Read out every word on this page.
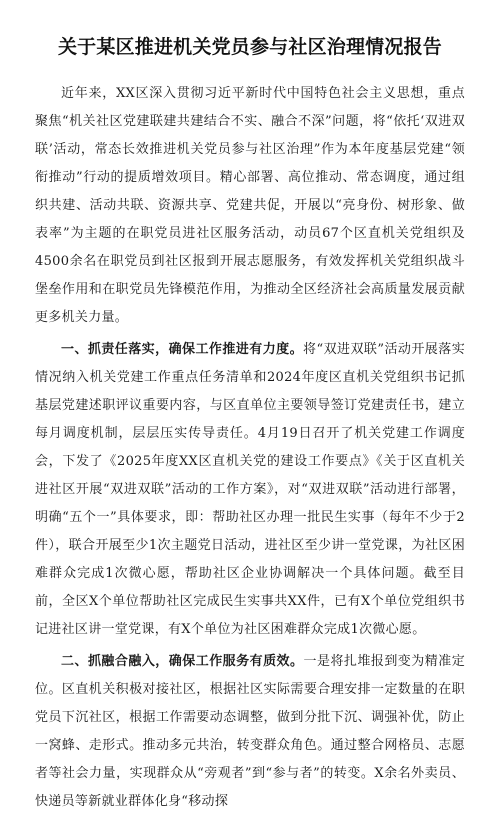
关于某区推进机关党员参与社区治理情况报告

近年来，XX区深入贯彻习近平新时代中国特色社会主义思想，重点聚焦“机关社区党建联建共建结合不实、融合不深”问题，将“依托‘双进双联’活动，常态长效推进机关党员参与社区治理”作为本年度基层党建“领衔推动”行动的提质增效项目。精心部署、高位推动、常态调度，通过组织共建、活动共联、资源共享、党建共促，开展以“亮身份、树形象、做表率”为主题的在职党员进社区服务活动，动员67个区直机关党组织及4500余名在职党员到社区报到开展志愿服务，有效发挥机关党组织战斗堡垒作用和在职党员先锋模范作用，为推动全区经济社会高质量发展贡献更多机关力量。

一、抓责任落实，确保工作推进有力度。将“双进双联”活动开展落实情况纳入机关党建工作重点任务清单和2024年度区直机关党组织书记抓基层党建述职评议重要内容，与区直单位主要领导签订党建责任书，建立每月调度机制，层层压实传导责任。4月19日召开了机关党建工作调度会，下发了《2025年度XX区直机关党的建设工作要点》《关于区直机关进社区开展“双进双联”活动的工作方案》，对“双进双联”活动进行部署，明确“五个一”具体要求，即：帮助社区办理一批民生实事（每年不少于2件），联合开展至少1次主题党日活动，进社区至少讲一堂党课，为社区困难群众完成1次微心愿，帮助社区企业协调解决一个具体问题。截至目前，全区X个单位帮助社区完成民生实事共XX件，已有X个单位党组织书记进社区讲一堂党课，有X个单位为社区困难群众完成1次微心愿。

二、抓融合融入，确保工作服务有质效。一是将扎堆报到变为精准定位。区直机关积极对接社区，根据社区实际需要合理安排一定数量的在职党员下沉社区，根据工作需要动态调整，做到分批下沉、调强补优，防止一窝蜂、走形式。推动多元共治，转变群众角色。通过整合网格员、志愿者等社会力量，实现群众从“旁观者”到“参与者”的转变。X余名外卖员、快递员等新就业群体化身“移动探
